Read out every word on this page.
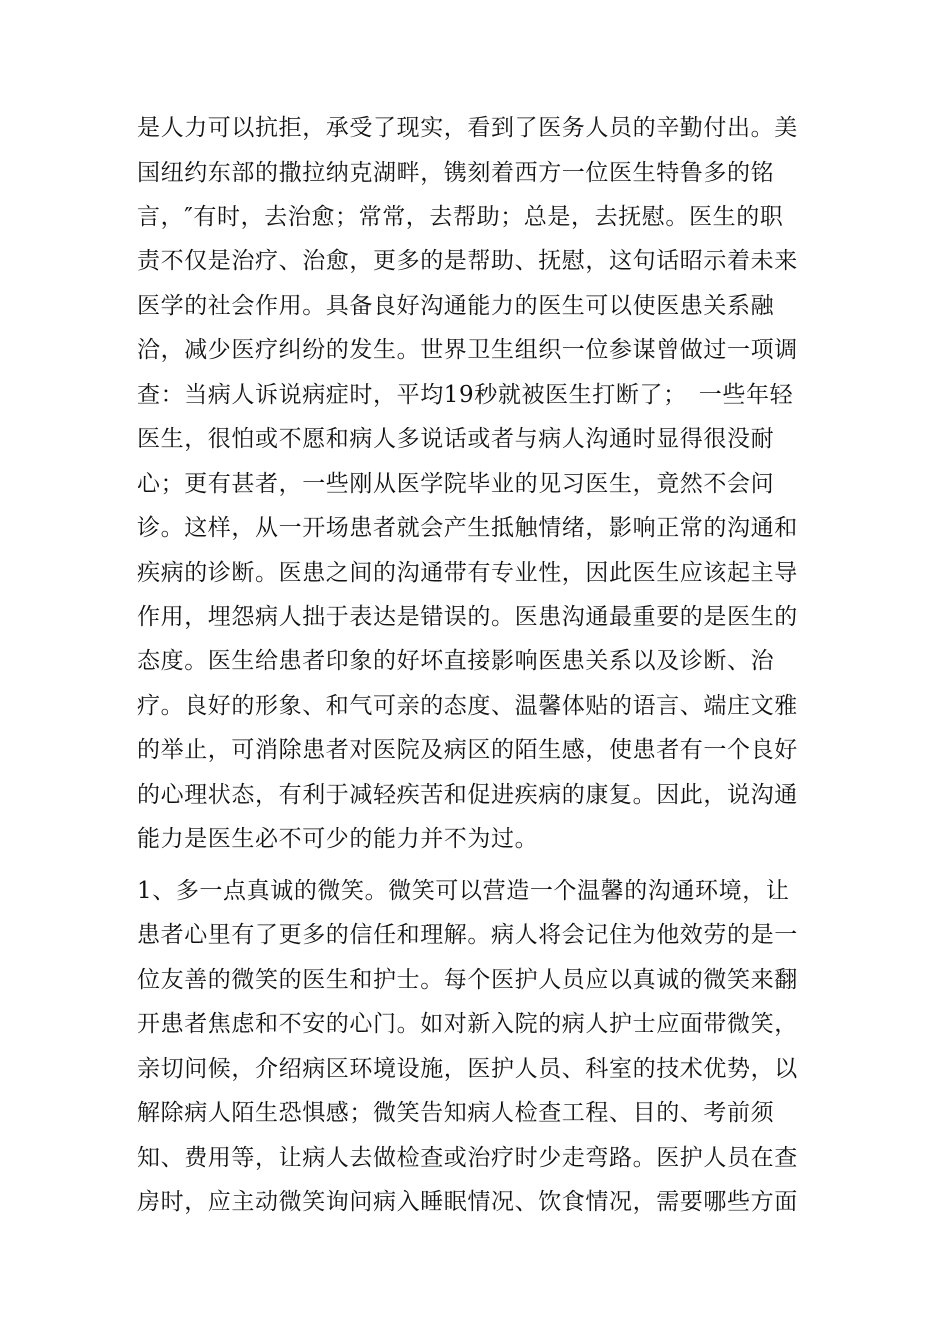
是人力可以抗拒，承受了现实，看到了医务人员的辛勤付出。美
国纽约东部的撒拉纳克湖畔，镌刻着西方一位医生特鲁多的铭
言，″有时，去治愈；常常，去帮助；总是，去抚慰。医生的职
责不仅是治疗、治愈，更多的是帮助、抚慰，这句话昭示着未来
医学的社会作用。具备良好沟通能力的医生可以使医患关系融
洽，减少医疗纠纷的发生。世界卫生组织一位参谋曾做过一项调
查：当病人诉说病症时，平均19秒就被医生打断了；　一些年轻
医生，很怕或不愿和病人多说话或者与病人沟通时显得很没耐
心；更有甚者，一些刚从医学院毕业的见习医生，竟然不会问
诊。这样，从一开场患者就会产生抵触情绪，影响正常的沟通和
疾病的诊断。医患之间的沟通带有专业性，因此医生应该起主导
作用，埋怨病人拙于表达是错误的。医患沟通最重要的是医生的
态度。医生给患者印象的好坏直接影响医患关系以及诊断、治
疗。良好的形象、和气可亲的态度、温馨体贴的语言、端庄文雅
的举止，可消除患者对医院及病区的陌生感，使患者有一个良好
的心理状态，有利于减轻疾苦和促进疾病的康复。因此，说沟通
能力是医生必不可少的能力并不为过。
1、多一点真诚的微笑。微笑可以营造一个温馨的沟通环境，让
患者心里有了更多的信任和理解。病人将会记住为他效劳的是一
位友善的微笑的医生和护士。每个医护人员应以真诚的微笑来翻
开患者焦虑和不安的心门。如对新入院的病人护士应面带微笑，
亲切问候，介绍病区环境设施，医护人员、科室的技术优势，以
解除病人陌生恐惧感；微笑告知病人检查工程、目的、考前须
知、费用等，让病人去做检查或治疗时少走弯路。医护人员在查
房时，应主动微笑询问病入睡眠情况、饮食情况，需要哪些方面
